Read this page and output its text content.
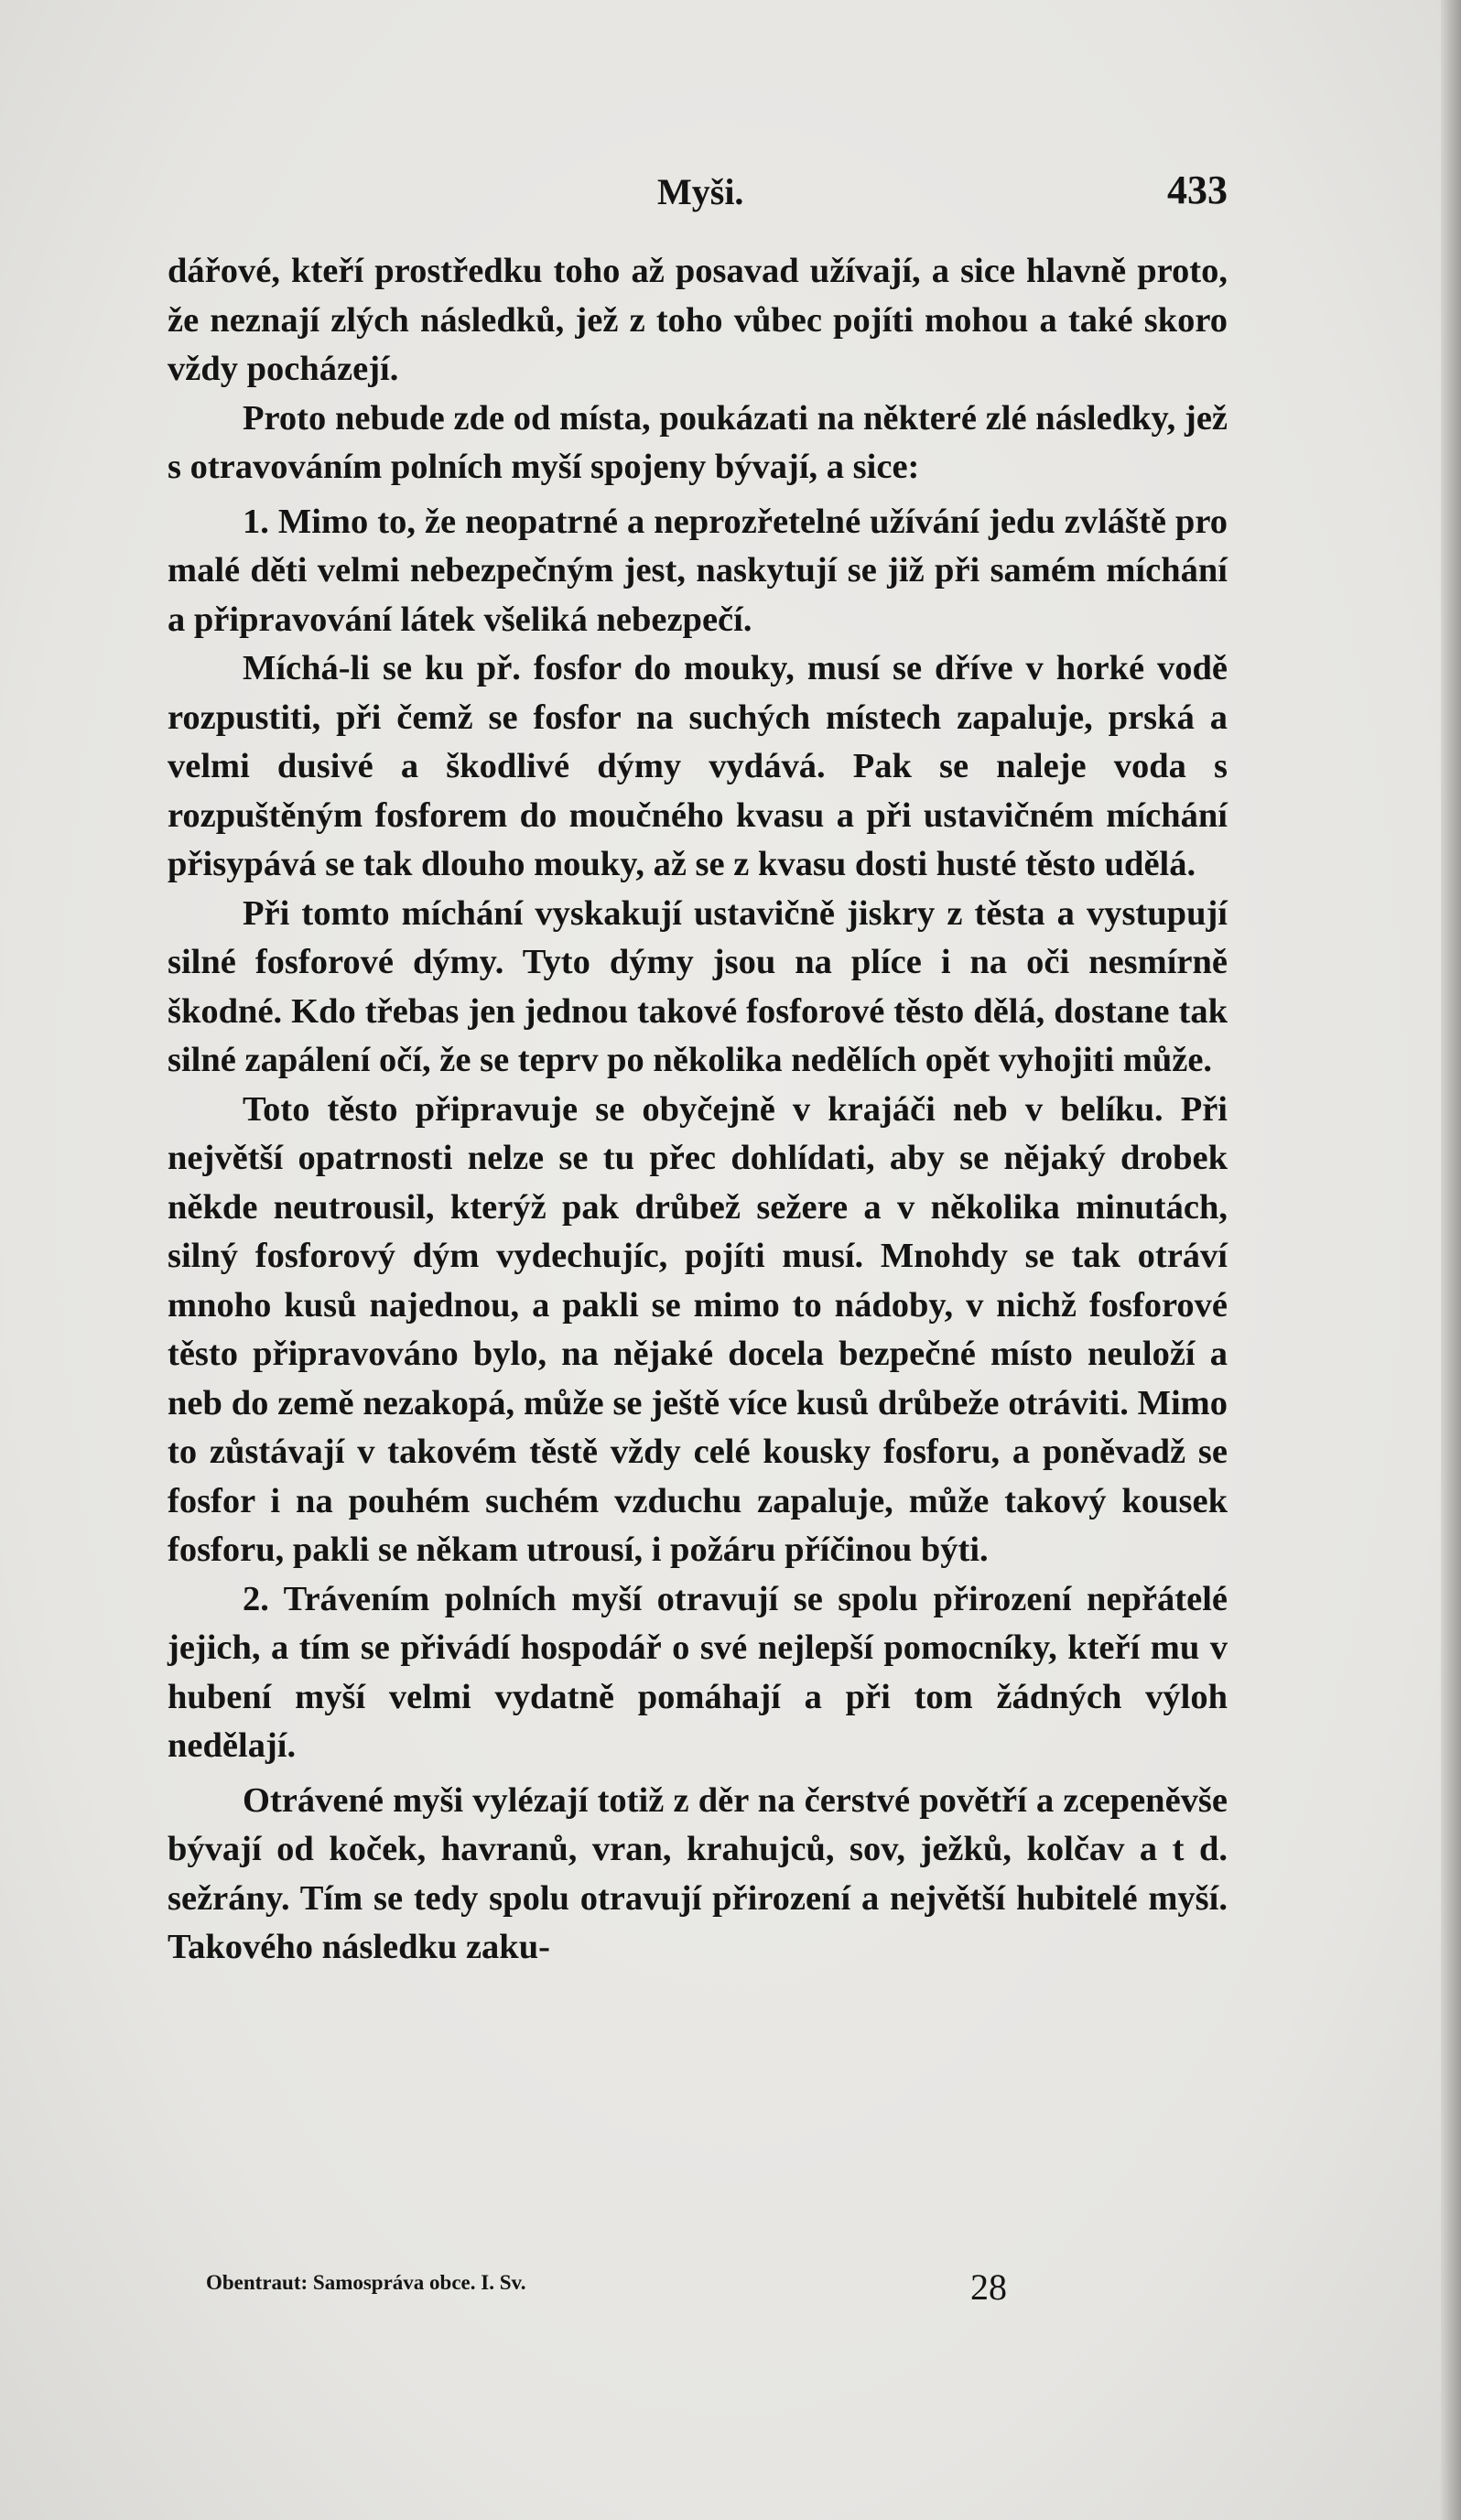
Myši.	433

dářové, kteří prostředku toho až posavad užívají, a sice hlavně proto, že neznají zlých následků, jež z toho vůbec pojíti mohou a také skoro vždy pocházejí.

Proto nebude zde od místa, poukázati na některé zlé následky, jež s otravováním polních myší spojeny bývají, a sice:

1. Mimo to, že neopatrné a neprozřetelné užívání jedu zvláště pro malé děti velmi nebezpečným jest, naskytují se již při samém míchání a připravování látek všeliká nebezpečí.

Míchá-li se ku př. fosfor do mouky, musí se dříve v horké vodě rozpustiti, při čemž se fosfor na suchých místech zapaluje, prská a velmi dusivé a škodlivé dýmy vydává. Pak se naleje voda s rozpuštěným fosforem do moučného kvasu a při ustavičném míchání přisypává se tak dlouho mouky, až se z kvasu dosti husté těsto udělá.

Při tomto míchání vyskakují ustavičně jiskry z těsta a vystupují silné fosforové dýmy. Tyto dýmy jsou na plíce i na oči nesmírně škodné. Kdo třebas jen jednou takové fosforové těsto dělá, dostane tak silné zapálení očí, že se teprv po několika nedělích opět vyhojiti může.

Toto těsto připravuje se obyčejně v krajáči neb v belíku. Při největší opatrnosti nelze se tu přec dohlídati, aby se nějaký drobek někde neutrousil, kterýž pak drůbež sežere a v několika minutách, silný fosforový dým vydechujíc, pojíti musí. Mnohdy se tak otráví mnoho kusů najednou, a pakli se mimo to nádoby, v nichž fosforové těsto připravováno bylo, na nějaké docela bezpečné místo neuloží a neb do země nezakopá, může se ještě více kusů drůbeže otráviti. Mimo to zůstávají v takovém těstě vždy celé kousky fosforu, a poněvadž se fosfor i na pouhém suchém vzduchu zapaluje, může takový kousek fosforu, pakli se někam utrousí, i požáru příčinou býti.

2. Trávením polních myší otravují se spolu přirození nepřátelé jejich, a tím se přivádí hospodář o své nejlepší pomocníky, kteří mu v hubení myší velmi vydatně pomáhají a při tom žádných výloh nedělají.

Otrávené myši vylézají totiž z děr na čerstvé povětří a zcepeněvše bývají od koček, havranů, vran, krahujců, sov, ježků, kolčav a t d. sežrány. Tím se tedy spolu otravují přirození a největší hubitelé myší. Takového následku zaku-

Obentraut: Samospráva obce. I. Sv.	28
